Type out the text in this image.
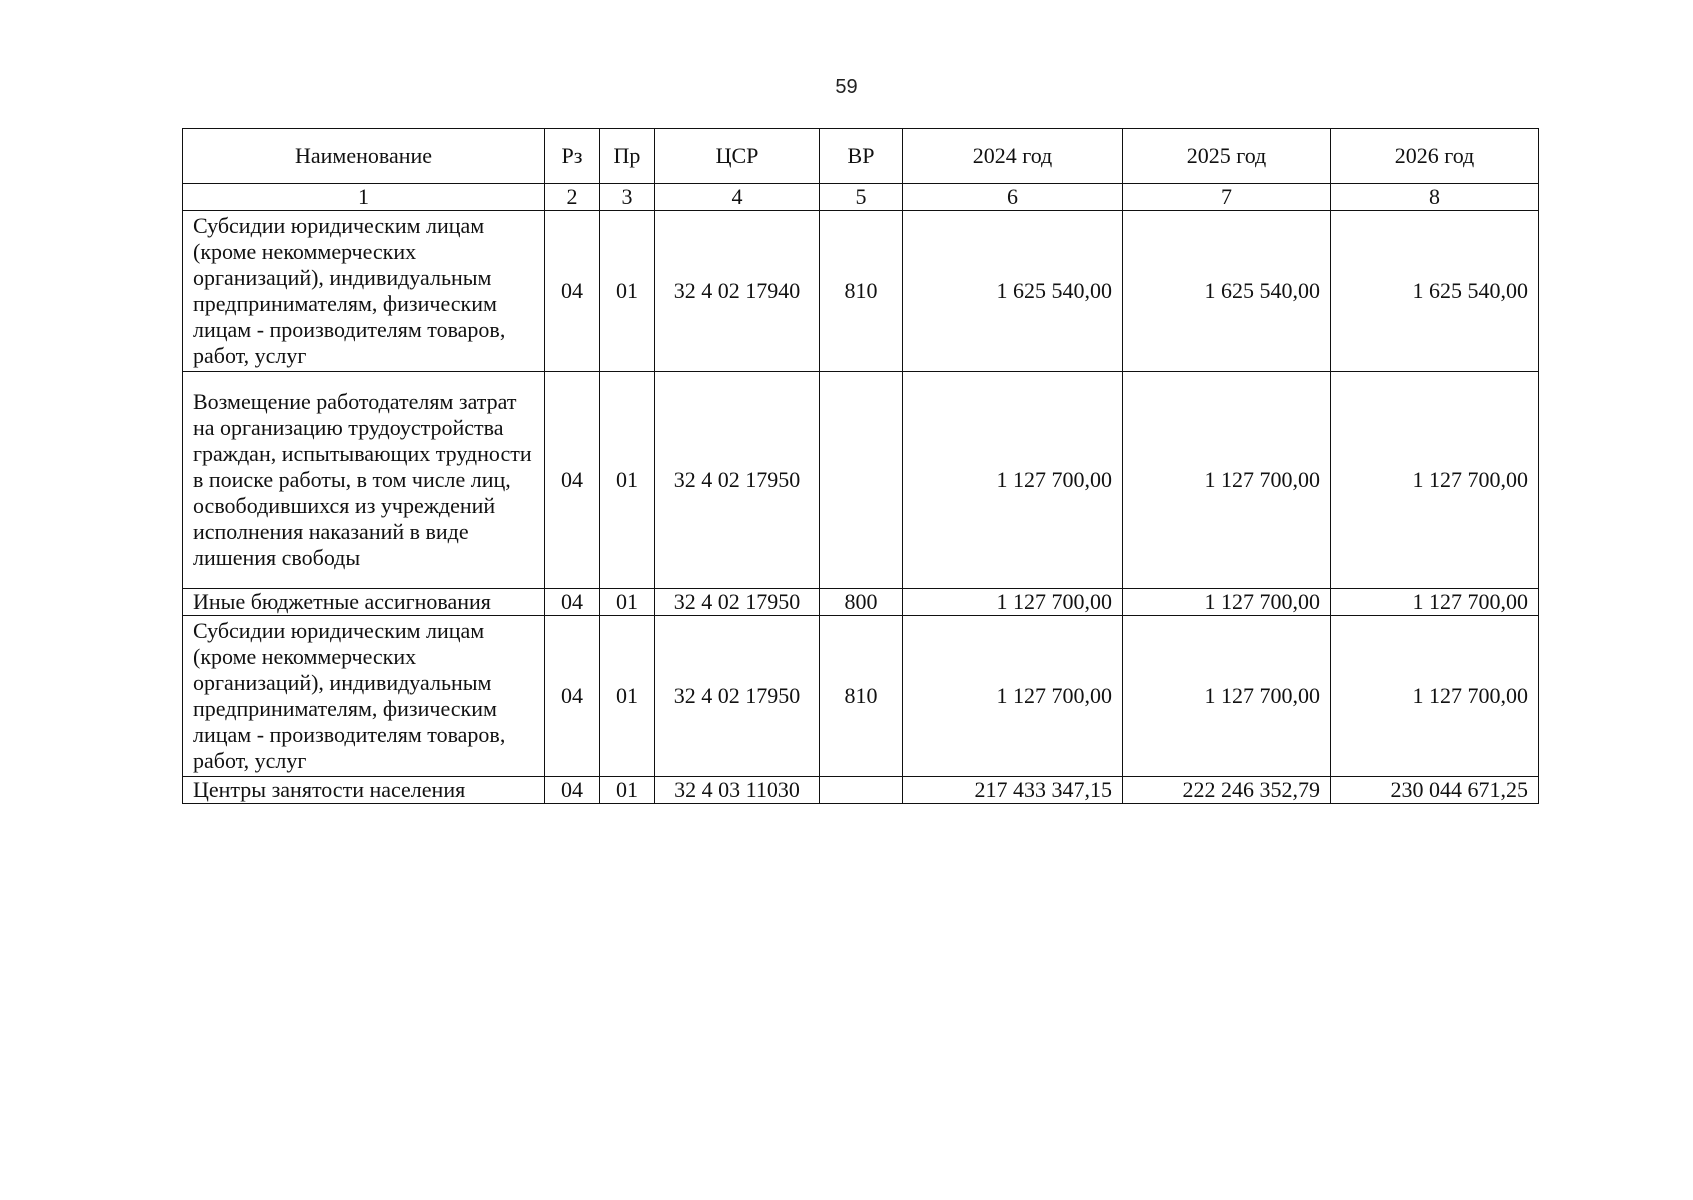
59
Наименование	Рз	Пр	ЦСР	ВР	2024 год	2025 год	2026 год
1	2	3	4	5	6	7	8
Субсидии юридическим лицам (кроме некоммерческих организаций), индивидуальным предпринимателям, физическим лицам - производителям товаров, работ, услуг	04	01	32 4 02 17940	810	1 625 540,00	1 625 540,00	1 625 540,00
Возмещение работодателям затрат на организацию трудоустройства граждан, испытывающих трудности в поиске работы, в том числе лиц, освободившихся из учреждений исполнения наказаний в виде лишения свободы	04	01	32 4 02 17950		1 127 700,00	1 127 700,00	1 127 700,00
Иные бюджетные ассигнования	04	01	32 4 02 17950	800	1 127 700,00	1 127 700,00	1 127 700,00
Субсидии юридическим лицам (кроме некоммерческих организаций), индивидуальным предпринимателям, физическим лицам - производителям товаров, работ, услуг	04	01	32 4 02 17950	810	1 127 700,00	1 127 700,00	1 127 700,00
Центры занятости населения	04	01	32 4 03 11030		217 433 347,15	222 246 352,79	230 044 671,25
